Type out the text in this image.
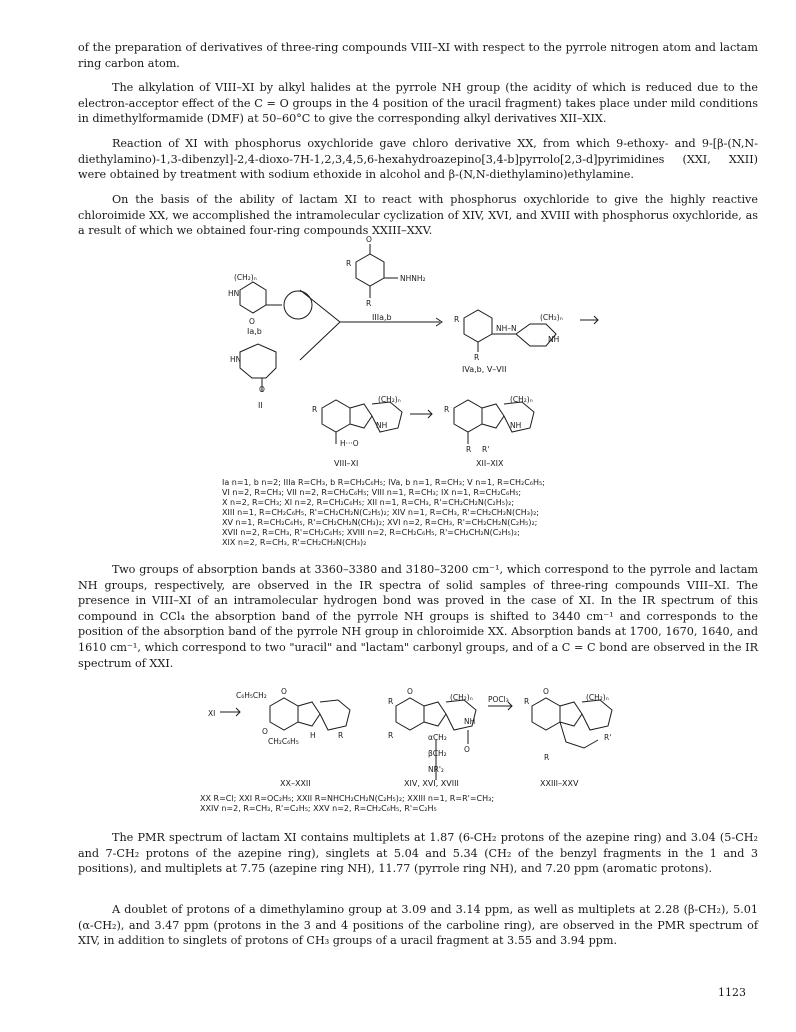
of the preparation of derivatives of three-ring compounds VIII–XI with respect to the pyrrole nitrogen atom and lactam ring carbon atom.

The alkylation of VIII–XI by alkyl halides at the pyrrole NH group (the acidity of which is reduced due to the electron-acceptor effect of the C = O groups in the 4 position of the uracil fragment) takes place under mild conditions in dimethylformamide (DMF) at 50–60°C to give the corresponding alkyl derivatives XII–XIX.

Reaction of XI with phosphorus oxychloride gave chloro derivative XX, from which 9-ethoxy- and 9-[β-(N,N-diethylamino)-1,3-dibenzyl]-2,4-dioxo-7H-1,2,3,4,5,6-hexahydroazepino[3,4-b]pyrrolo[2,3-d]pyrimidines (XXI, XXII) were obtained by treatment with sodium ethoxide in alcohol and β-(N,N-diethylamino)ethylamine.

On the basis of the ability of lactam XI to react with phosphorus oxychloride to give the highly reactive chloroimide XX, we accomplished the intramolecular cyclization of XIV, XVI, and XVIII with phosphorus oxychloride, as a result of which we obtained four-ring compounds XXIII–XXV.

(CH₂)ₙ
HN
O
Ia,b
HN
O
II
R
O
NHNH₂
R
IIIa,b	R
NH–N
(CH₂)ₙ
NH
R
IVa,b, V–VII
R
(CH₂)ₙ
NH
H···O
VIII–XI
R
(CH₂)ₙ
NH
R R'
XII–XIX
Ia n=1, b n=2; IIIa R=CH₃, b R=CH₂C₆H₅; IVa, b n=1, R=CH₃; V n=1, R=CH₂C₆H₅;
VI n=2, R=CH₃; VII n=2, R=CH₂C₆H₅; VIII n=1, R=CH₃; IX n=1, R=CH₂C₆H₅;
X n=2, R=CH₃; XI n=2, R=CH₂C₆H₅; XII n=1, R=CH₃, R'=CH₂CH₂N(C₂H₅)₂;
XIII n=1, R=CH₂C₆H₅, R'=CH₂CH₂N(C₂H₅)₂; XIV n=1, R=CH₃, R'=CH₂CH₂N(CH₃)₂;
XV n=1, R=CH₂C₆H₅, R'=CH₂CH₂N(CH₃)₂; XVI n=2, R=CH₃, R'=CH₂CH₂N(C₂H₅)₂;
XVII n=2, R=CH₃, R'=CH₂C₆H₅; XVIII n=2, R=CH₂C₆H₅, R'=CH₂CH₂N(C₂H₅)₂;
XIX n=2, R=CH₃, R'=CH₂CH₂N(CH₃)₂

Two groups of absorption bands at 3360–3380 and 3180–3200 cm⁻¹, which correspond to the pyrrole and lactam NH groups, respectively, are observed in the IR spectra of solid samples of three-ring compounds VIII–XI. The presence in VIII–XI of an intramolecular hydrogen bond was proved in the case of XI. In the IR spectrum of this compound in CCl₄ the absorption band of the pyrrole NH groups is shifted to 3440 cm⁻¹ and corresponds to the position of the absorption band of the pyrrole NH group in chloroimide XX. Absorption bands at 1700, 1670, 1640, and 1610 cm⁻¹, which correspond to two "uracil" and "lactam" carbonyl groups, and of a C = C bond are observed in the IR spectrum of XXI.

XI
C₆H₅CH₂ O
O	H	R
CH₂C₆H₅
XX–XXII
R
O
(CH₂)ₙ
NH
O
R	αCH₂
βCH₂
NR'₂
XIV, XVI, XVIII
POCl₃ R
O
(CH₂)ₙ
R'
R
XXIII–XXV
XX R=Cl; XXI R=OC₂H₅; XXII R=NHCH₂CH₂N(C₂H₅)₂; XXIII n=1, R=R'=CH₃;
XXIV n=2, R=CH₃, R'=C₂H₅; XXV n=2, R=CH₂C₆H₅, R'=C₂H₅

The PMR spectrum of lactam XI contains multiplets at 1.87 (6-CH₂ protons of the azepine ring) and 3.04 (5-CH₂ and 7-CH₂ protons of the azepine ring), singlets at 5.04 and 5.34 (CH₂ of the benzyl fragments in the 1 and 3 positions), and multiplets at 7.75 (azepine ring NH), 11.77 (pyrrole ring NH), and 7.20 ppm (aromatic protons).

A doublet of protons of a dimethylamino group at 3.09 and 3.14 ppm, as well as multiplets at 2.28 (β-CH₂), 5.01 (α-CH₂), and 3.47 ppm (protons in the 3 and 4 positions of the carboline ring), are observed in the PMR spectrum of XIV, in addition to singlets of protons of CH₃ groups of a uracil fragment at 3.55 and 3.94 ppm.

1123
